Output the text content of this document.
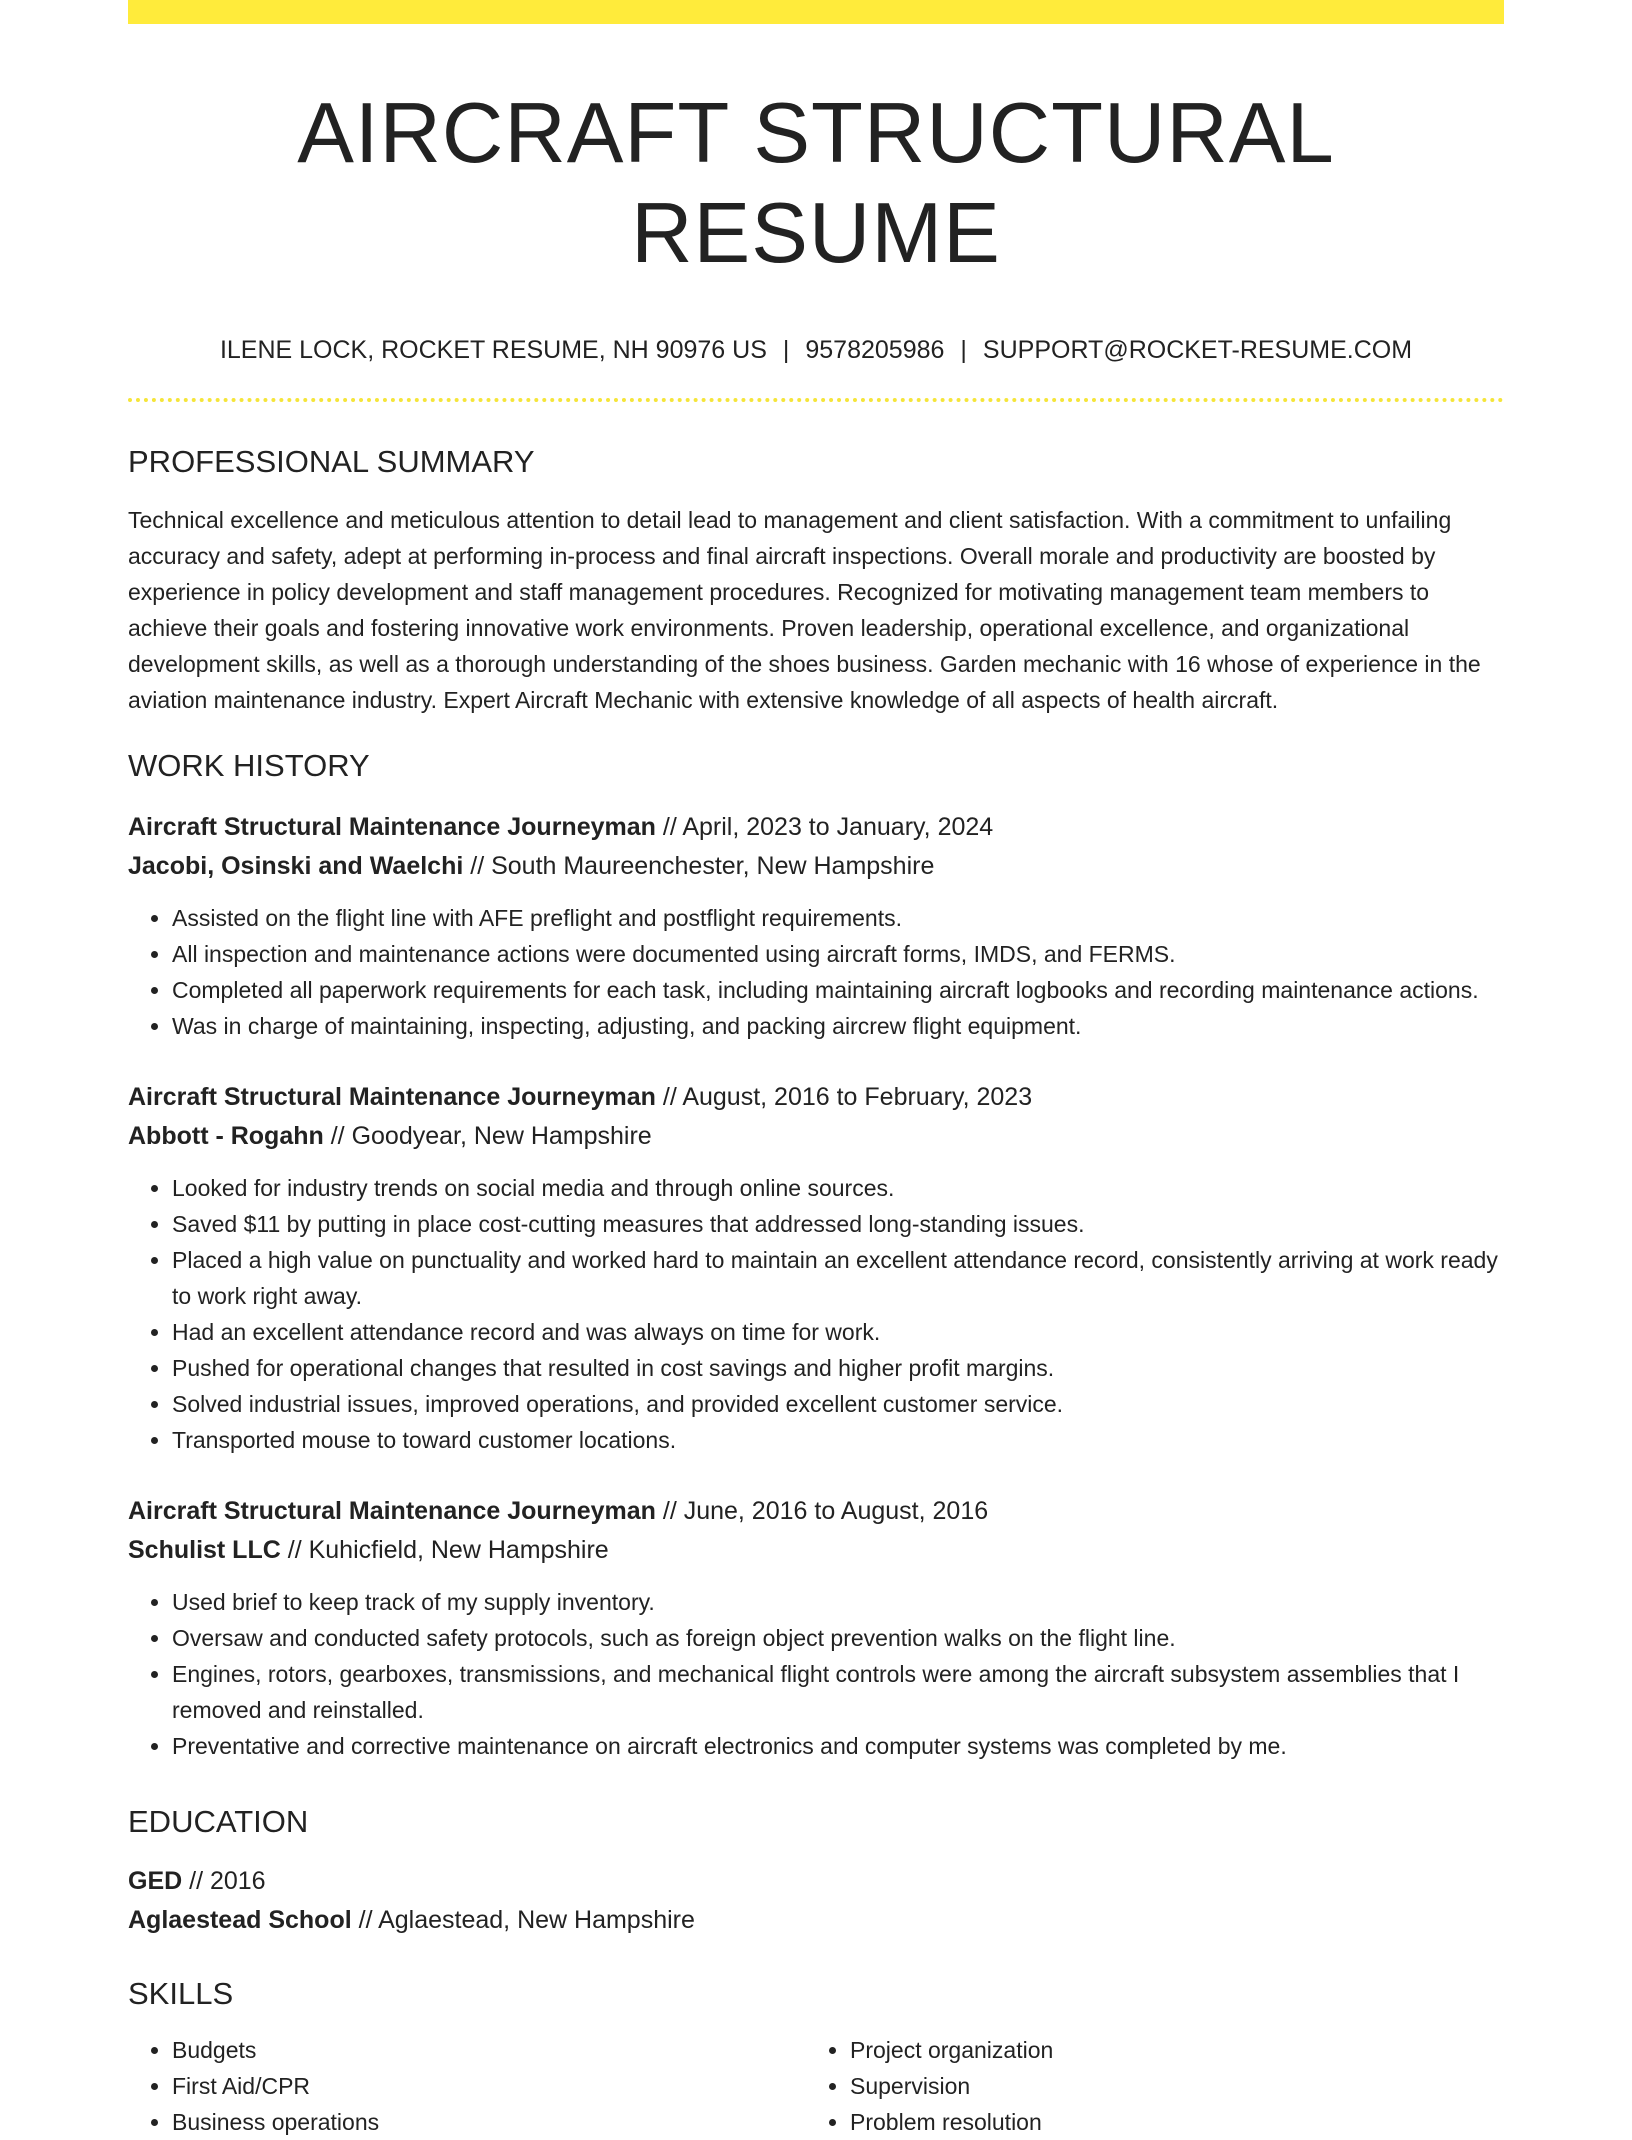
AIRCRAFT STRUCTURAL RESUME
ILENE LOCK, ROCKET RESUME, NH 90976 US | 9578205986 | SUPPORT@ROCKET-RESUME.COM
PROFESSIONAL SUMMARY
Technical excellence and meticulous attention to detail lead to management and client satisfaction. With a commitment to unfailing accuracy and safety, adept at performing in-process and final aircraft inspections. Overall morale and productivity are boosted by experience in policy development and staff management procedures. Recognized for motivating management team members to achieve their goals and fostering innovative work environments. Proven leadership, operational excellence, and organizational development skills, as well as a thorough understanding of the shoes business. Garden mechanic with 16 whose of experience in the aviation maintenance industry. Expert Aircraft Mechanic with extensive knowledge of all aspects of health aircraft.
WORK HISTORY
Aircraft Structural Maintenance Journeyman // April, 2023 to January, 2024
Jacobi, Osinski and Waelchi // South Maureenchester, New Hampshire
• Assisted on the flight line with AFE preflight and postflight requirements.
• All inspection and maintenance actions were documented using aircraft forms, IMDS, and FERMS.
• Completed all paperwork requirements for each task, including maintaining aircraft logbooks and recording maintenance actions.
• Was in charge of maintaining, inspecting, adjusting, and packing aircrew flight equipment.
Aircraft Structural Maintenance Journeyman // August, 2016 to February, 2023
Abbott - Rogahn // Goodyear, New Hampshire
• Looked for industry trends on social media and through online sources.
• Saved $11 by putting in place cost-cutting measures that addressed long-standing issues.
• Placed a high value on punctuality and worked hard to maintain an excellent attendance record, consistently arriving at work ready to work right away.
• Had an excellent attendance record and was always on time for work.
• Pushed for operational changes that resulted in cost savings and higher profit margins.
• Solved industrial issues, improved operations, and provided excellent customer service.
• Transported mouse to toward customer locations.
Aircraft Structural Maintenance Journeyman // June, 2016 to August, 2016
Schulist LLC // Kuhicfield, New Hampshire
• Used brief to keep track of my supply inventory.
• Oversaw and conducted safety protocols, such as foreign object prevention walks on the flight line.
• Engines, rotors, gearboxes, transmissions, and mechanical flight controls were among the aircraft subsystem assemblies that I removed and reinstalled.
• Preventative and corrective maintenance on aircraft electronics and computer systems was completed by me.
EDUCATION
GED // 2016
Aglaestead School // Aglaestead, New Hampshire
SKILLS
• Budgets
• First Aid/CPR
• Business operations
• Project organization
• Supervision
• Problem resolution
